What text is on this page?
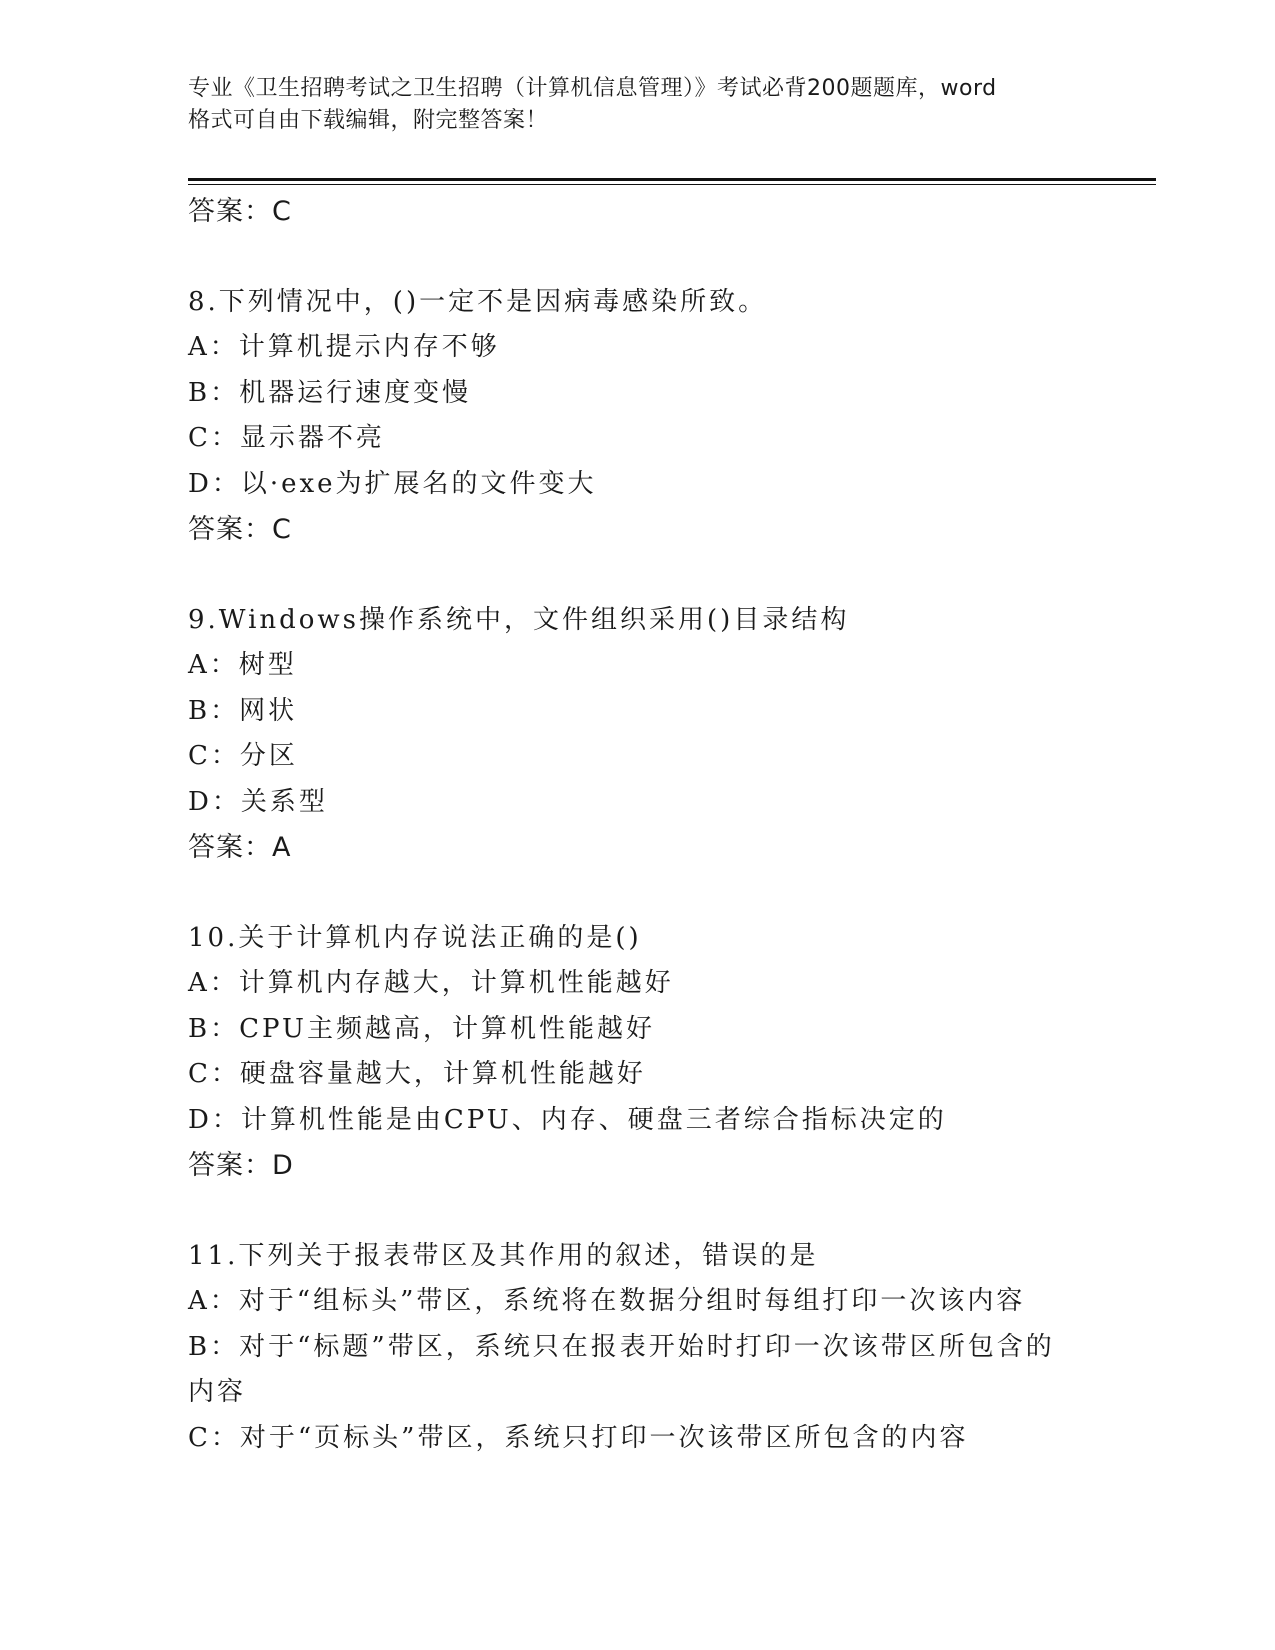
专业《卫生招聘考试之卫生招聘（计算机信息管理）》考试必背200题题库，word
格式可自由下载编辑，附完整答案！
答案：C
8.下列情况中，()一定不是因病毒感染所致。
A：计算机提示内存不够
B：机器运行速度变慢
C：显示器不亮
D：以·exe为扩展名的文件变大
答案：C
9.Windows操作系统中，文件组织采用()目录结构
A：树型
B：网状
C：分区
D：关系型
答案：A
10.关于计算机内存说法正确的是()
A：计算机内存越大，计算机性能越好
B：CPU主频越高，计算机性能越好
C：硬盘容量越大，计算机性能越好
D：计算机性能是由CPU、内存、硬盘三者综合指标决定的
答案：D
11.下列关于报表带区及其作用的叙述，错误的是
A：对于“组标头”带区，系统将在数据分组时每组打印一次该内容
B：对于“标题”带区，系统只在报表开始时打印一次该带区所包含的内容
C：对于“页标头”带区，系统只打印一次该带区所包含的内容
